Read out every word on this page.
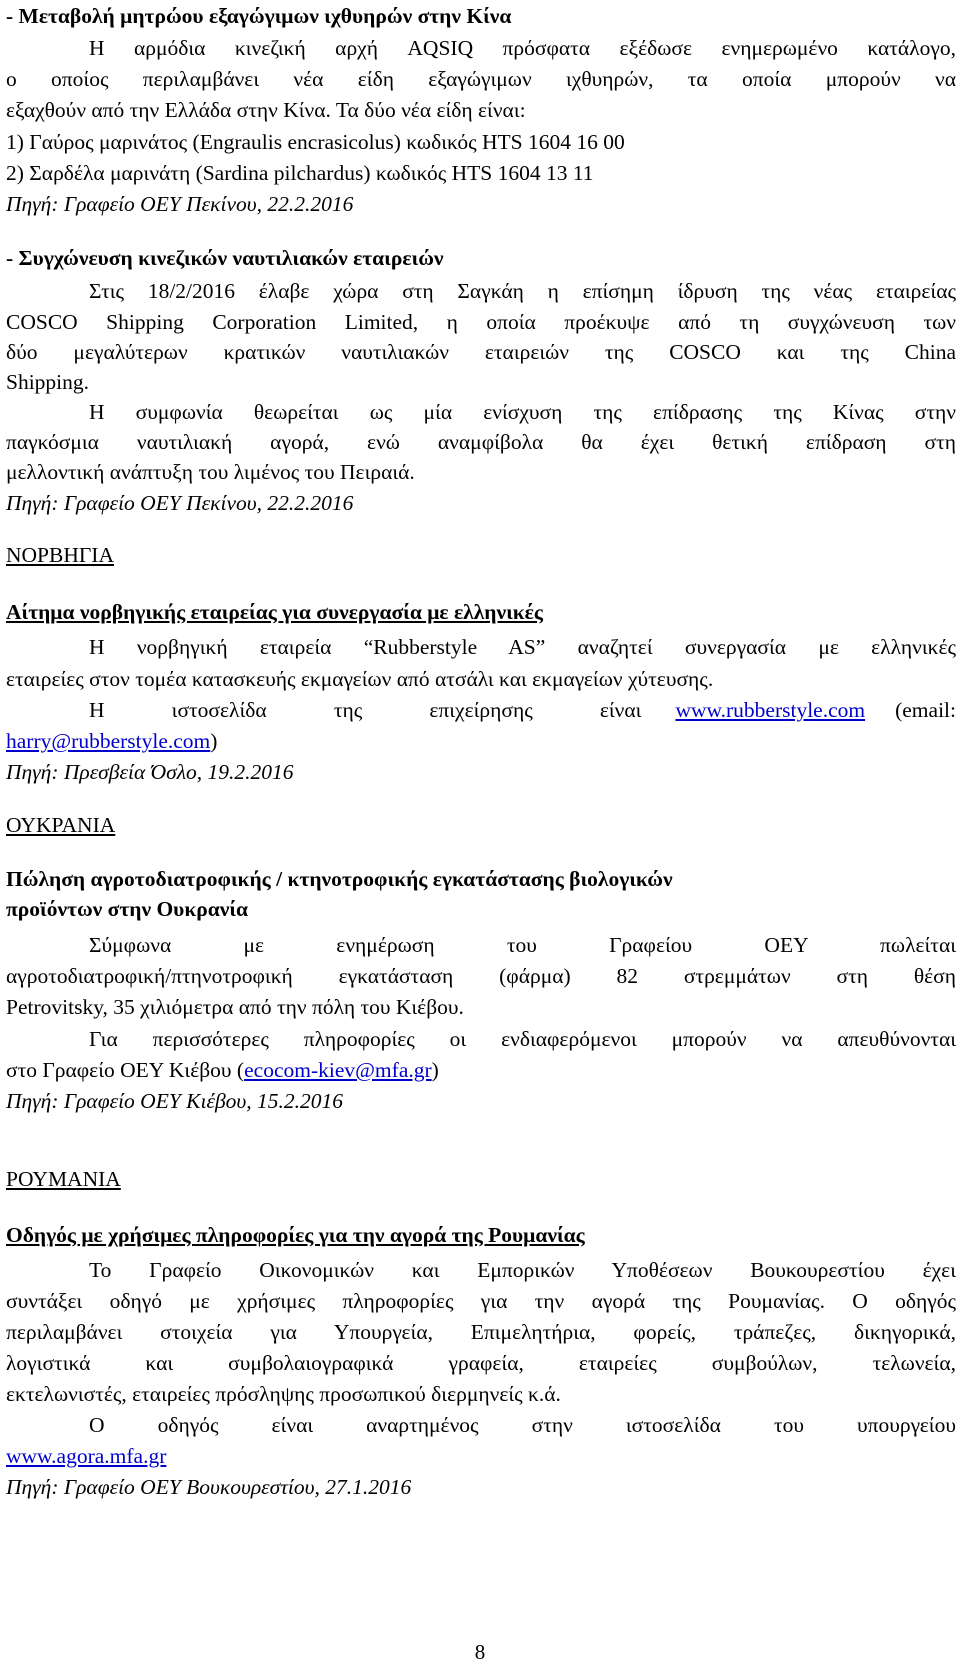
- Μεταβολή μητρώου εξαγώγιμων ιχθυηρών στην Κίνα
Η αρμόδια κινεζική αρχή AQSIQ πρόσφατα εξέδωσε ενημερωμένο κατάλογο,
ο οποίος περιλαμβάνει νέα είδη εξαγώγιμων ιχθυηρών, τα οποία μπορούν να
εξαχθούν από την Ελλάδα στην Κίνα. Τα δύο νέα είδη είναι:
1) Γαύρος μαρινάτος (Engraulis encrasicolus) κωδικός HTS 1604 16 00
2) Σαρδέλα μαρινάτη (Sardina pilchardus) κωδικός HTS 1604 13 11
Πηγή: Γραφείο ΟΕΥ Πεκίνου, 22.2.2016
- Συγχώνευση κινεζικών ναυτιλιακών εταιρειών
Στις 18/2/2016 έλαβε χώρα στη Σαγκάη η επίσημη ίδρυση της νέας εταιρείας
COSCO Shipping Corporation Limited, η οποία προέκυψε από τη συγχώνευση των
δύο μεγαλύτερων κρατικών ναυτιλιακών εταιρειών της COSCO και της China
Shipping.
Η συμφωνία θεωρείται ως μία ενίσχυση της επίδρασης της Κίνας στην
παγκόσμια ναυτιλιακή αγορά, ενώ αναμφίβολα θα έχει θετική επίδραση στη
μελλοντική ανάπτυξη του λιμένος του Πειραιά.
Πηγή: Γραφείο ΟΕΥ Πεκίνου, 22.2.2016
ΝΟΡΒΗΓΙΑ
Αίτημα νορβηγικής εταιρείας για συνεργασία με ελληνικές
Η νορβηγική εταιρεία “Rubberstyle AS” αναζητεί συνεργασία με ελληνικές
εταιρείες στον τομέα κατασκευής εκμαγείων από ατσάλι και εκμαγείων χύτευσης.
Η	ιστοσελίδα	της	επιχείρησης	είναι www.rubberstyle.com	(email:
harry@rubberstyle.com)
Πηγή: Πρεσβεία Όσλο, 19.2.2016
ΟΥΚΡΑΝΙΑ
Πώληση αγροτοδιατροφικής / κτηνοτροφικής εγκατάστασης βιολογικών
προϊόντων στην Ουκρανία
Σύμφωνα με ενημέρωση του Γραφείου ΟΕΥ πωλείται
αγροτοδιατροφική/πτηνοτροφική εγκατάσταση (φάρμα) 82 στρεμμάτων στη θέση
Petrovitsky, 35 χιλιόμετρα από την πόλη του Κιέβου.
Για περισσότερες πληροφορίες οι ενδιαφερόμενοι μπορούν να απευθύνονται
στο Γραφείο ΟΕΥ Κιέβου (ecocom-kiev@mfa.gr)
Πηγή: Γραφείο ΟΕΥ Κιέβου, 15.2.2016
ΡΟΥΜΑΝΙΑ
Οδηγός με χρήσιμες πληροφορίες για την αγορά της Ρουμανίας
Το Γραφείο Οικονομικών και Εμπορικών Υποθέσεων Βουκουρεστίου έχει
συντάξει οδηγό με χρήσιμες πληροφορίες για την αγορά της Ρουμανίας. Ο οδηγός
περιλαμβάνει στοιχεία για Υπουργεία, Επιμελητήρια, φορείς, τράπεζες, δικηγορικά,
λογιστικά και συμβολαιογραφικά γραφεία, εταιρείες συμβούλων, τελωνεία,
εκτελωνιστές, εταιρείες πρόσληψης προσωπικού διερμηνείς κ.ά.
Ο οδηγός είναι αναρτημένος στην ιστοσελίδα του υπουργείου
www.agora.mfa.gr
Πηγή: Γραφείο ΟΕΥ Βουκουρεστίου, 27.1.2016
8
